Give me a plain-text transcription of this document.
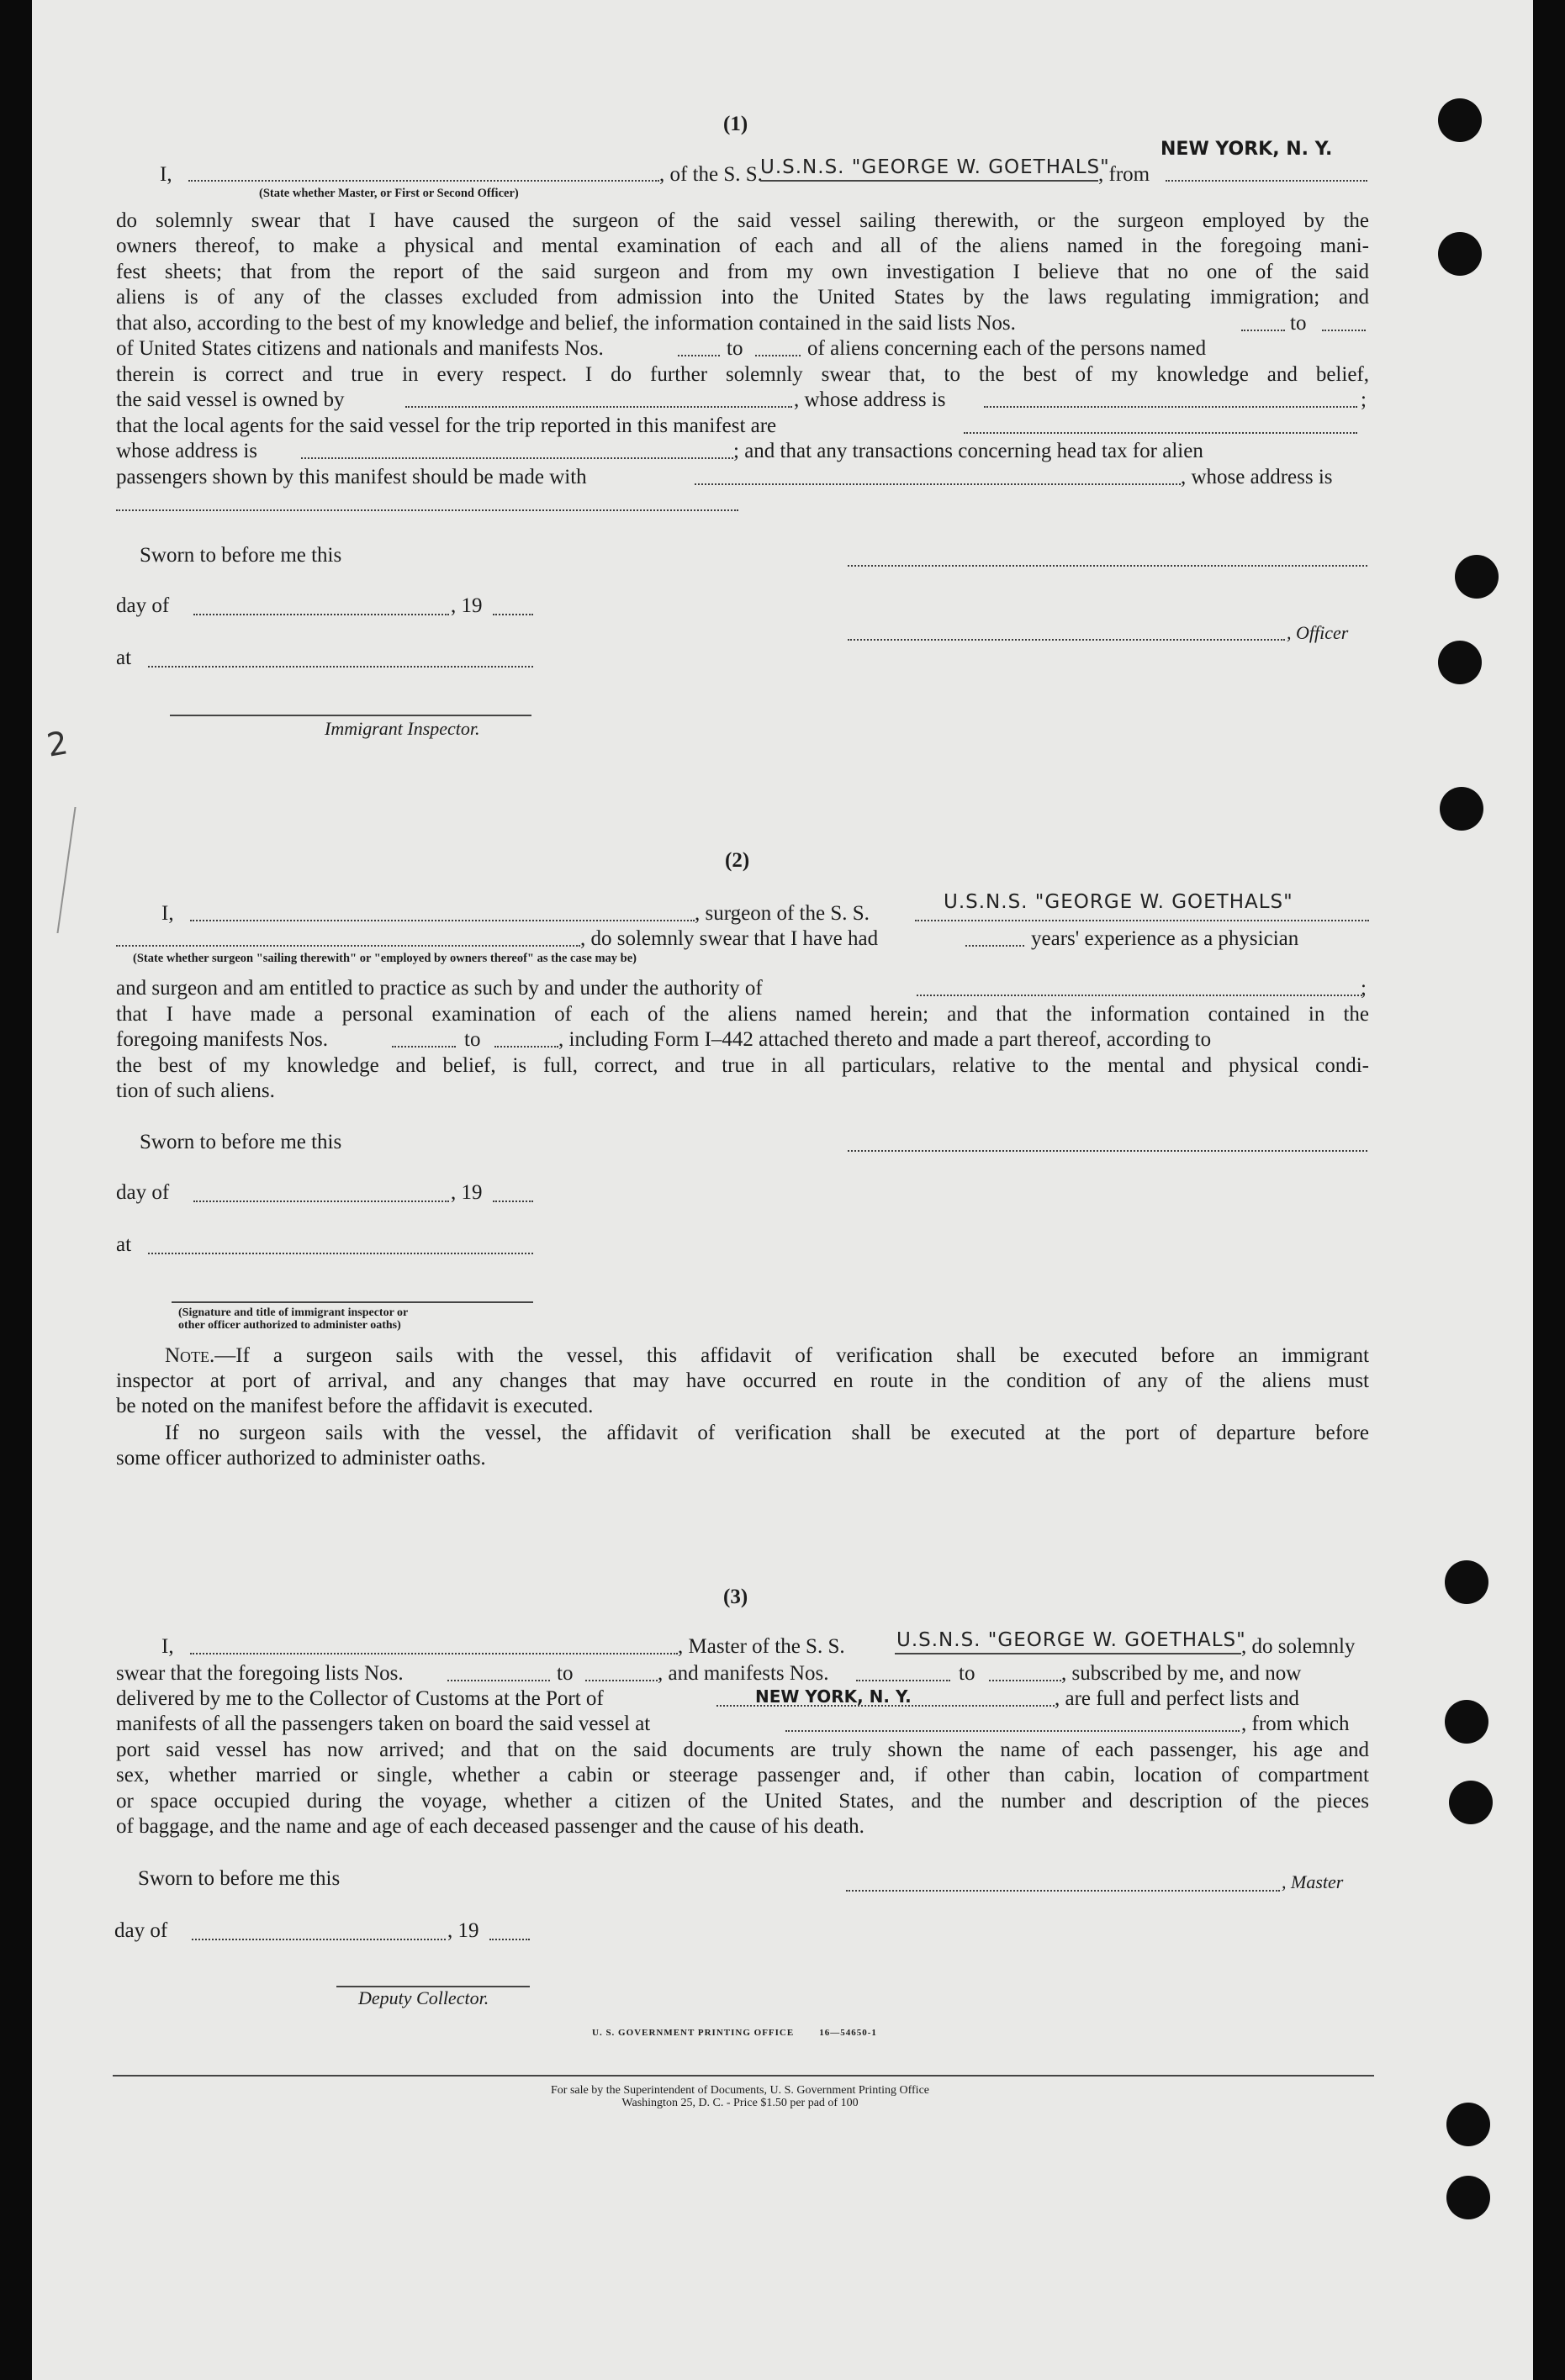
2
(1)
I,
(State whether Master, or First or Second Officer)
, of the S. S.
U.S.N.S. "GEORGE W. GOETHALS"
, from
NEW YORK, N. Y.
do solemnly swear that I have caused the surgeon of the said vessel sailing therewith, or the surgeon employed by the
owners thereof, to make a physical and mental examination of each and all of the aliens named in the foregoing mani-
fest sheets; that from the report of the said surgeon and from my own investigation I believe that no one of the said
aliens is of any of the classes excluded from admission into the United States by the laws regulating immigration; and
that also, according to the best of my knowledge and belief, the information contained in the said lists Nos.	to
of United States citizens and nationals and manifests Nos.	to	of aliens concerning each of the persons named
therein is correct and true in every respect. I do further solemnly swear that, to the best of my knowledge and belief,
the said vessel is owned by	, whose address is	;
that the local agents for the said vessel for the trip reported in this manifest are
whose address is	; and that any transactions concerning head tax for alien
passengers shown by this manifest should be made with	, whose address is
Sworn to before me this
day of	, 19
, Officer
at
Immigrant Inspector.
(2)
I,	, surgeon of the S. S.	U.S.N.S. "GEORGE W. GOETHALS"
(State whether surgeon "sailing therewith" or "employed by owners thereof" as the case may be)
, do solemnly swear that I have had	years' experience as a physician
and surgeon and am entitled to practice as such by and under the authority of	;
that I have made a personal examination of each of the aliens named herein; and that the information contained in the
foregoing manifests Nos.	to	, including Form I–442 attached thereto and made a part thereof, according to
the best of my knowledge and belief, is full, correct, and true in all particulars, relative to the mental and physical condi-
tion of such aliens.
Sworn to before me this
day of	, 19
at
(Signature and title of immigrant inspector or
other officer authorized to administer oaths)
Note.—If a surgeon sails with the vessel, this affidavit of verification shall be executed before an immigrant
inspector at port of arrival, and any changes that may have occurred en route in the condition of any of the aliens must
be noted on the manifest before the affidavit is executed.
If no surgeon sails with the vessel, the affidavit of verification shall be executed at the port of departure before
some officer authorized to administer oaths.
(3)
I,	, Master of the S. S.	U.S.N.S. "GEORGE W. GOETHALS"
, do solemnly
swear that the foregoing lists Nos.	to	, and manifests Nos.	to	, subscribed by me, and now
delivered by me to the Collector of Customs at the Port of	NEW YORK, N. Y.	, are full and perfect lists and
manifests of all the passengers taken on board the said vessel at	, from which
port said vessel has now arrived; and that on the said documents are truly shown the name of each passenger, his age and
sex, whether married or single, whether a cabin or steerage passenger and, if other than cabin, location of compartment
or space occupied during the voyage, whether a citizen of the United States, and the number and description of the pieces
of baggage, and the name and age of each deceased passenger and the cause of his death.
Sworn to before me this	, Master
day of	, 19
Deputy Collector.
U. S. GOVERNMENT PRINTING OFFICE        16—54650-1
For sale by the Superintendent of Documents, U. S. Government Printing Office
Washington 25, D. C. - Price $1.50 per pad of 100
